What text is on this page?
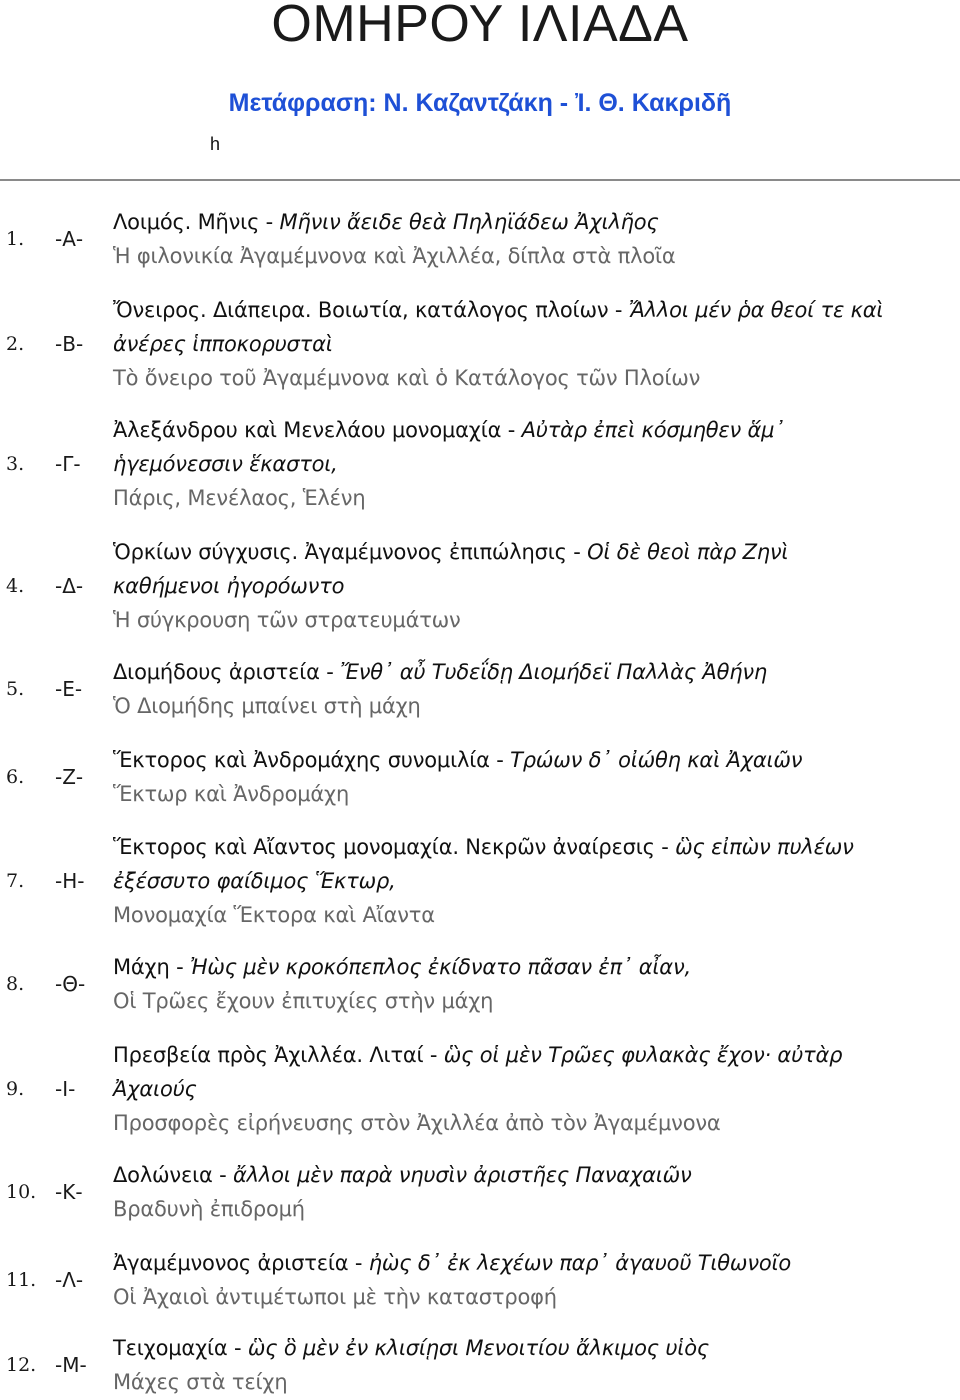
ΟΜΗΡΟΥ ΙΛΙΑΔΑ
Μετάφραση: Ν. Καζαντζάκη - Ἰ. Θ. Κακριδῆ
h
1.	-Α-
Λοιμός. Μῆνις - Μῆνιν ἄειδε θεὰ Πηληϊάδεω Ἀχιλῆος
Ἡ φιλονικία Ἀγαμέμνονα καὶ Ἀχιλλέα, δίπλα στὰ πλοῖα
2.	-Β-
Ὄνειρος. Διάπειρα. Βοιωτία, κατάλογος πλοίων - Ἄλλοι μέν ῥα θεοί τε καὶ
ἀνέρες ἱπποκορυσταὶ
Τὸ ὄνειρο τοῦ Ἀγαμέμνονα καὶ ὁ Κατάλογος τῶν Πλοίων
3.	-Γ-
Ἀλεξάνδρου καὶ Μενελάου μονομαχία - Αὐτὰρ ἐπεὶ κόσμηθεν ἅμ᾽
ἡγεμόνεσσιν ἕκαστοι,
Πάρις, Μενέλαος, Ἑλένη
4.	-Δ-
Ὁρκίων σύγχυσις. Ἀγαμέμνονος ἐπιπώλησις - Οἱ δὲ θεοὶ πὰρ Ζηνὶ
καθήμενοι ἠγορόωντο
Ἡ σύγκρουση τῶν στρατευμάτων
5.	-Ε-
Διομήδους ἀριστεία - Ἔνθ᾽ αὖ Τυδεΐδῃ Διομήδεϊ Παλλὰς Ἀθήνη
Ὁ Διομήδης μπαίνει στὴ μάχη
6.	-Ζ-
Ἕκτορος καὶ Ἀνδρομάχης συνομιλία - Τρώων δ᾽ οἰώθη καὶ Ἀχαιῶν
Ἕκτωρ καὶ Ἀνδρομάχη
7.	-Η-
Ἕκτορος καὶ Αἴαντος μονομαχία. Νεκρῶν ἀναίρεσις - ὣς εἰπὼν πυλέων
ἐξέσσυτο φαίδιμος Ἕκτωρ,
Μονομαχία Ἕκτορα καὶ Αἴαντα
8.	-Θ-
Μάχη - Ἠὼς μὲν κροκόπεπλος ἐκίδνατο πᾶσαν ἐπ᾽ αἶαν,
Οἱ Τρῶες ἔχουν ἐπιτυχίες στὴν μάχη
9.	-Ι-
Πρεσβεία πρὸς Ἀχιλλέα. Λιταί - ὣς οἱ μὲν Τρῶες φυλακὰς ἔχον· αὐτὰρ
Ἀχαιούς
Προσφορὲς εἰρήνευσης στὸν Ἀχιλλέα ἀπὸ τὸν Ἀγαμέμνονα
10. -Κ-
Δολώνεια - ἄλλοι μὲν παρὰ νηυσὶν ἀριστῆες Παναχαιῶν
Βραδυνὴ ἐπιδρομή
11. -Λ-
Ἀγαμέμνονος ἀριστεία - ἠὼς δ᾽ ἐκ λεχέων παρ᾽ ἀγαυοῦ Τιθωνοῖο
Οἱ Ἀχαιοὶ ἀντιμέτωποι μὲ τὴν καταστροφή
12. -Μ-
Τειχομαχία - ὣς ὃ μὲν ἐν κλισίῃσι Μενοιτίου ἄλκιμος υἱὸς
Μάχες στὰ τείχη
